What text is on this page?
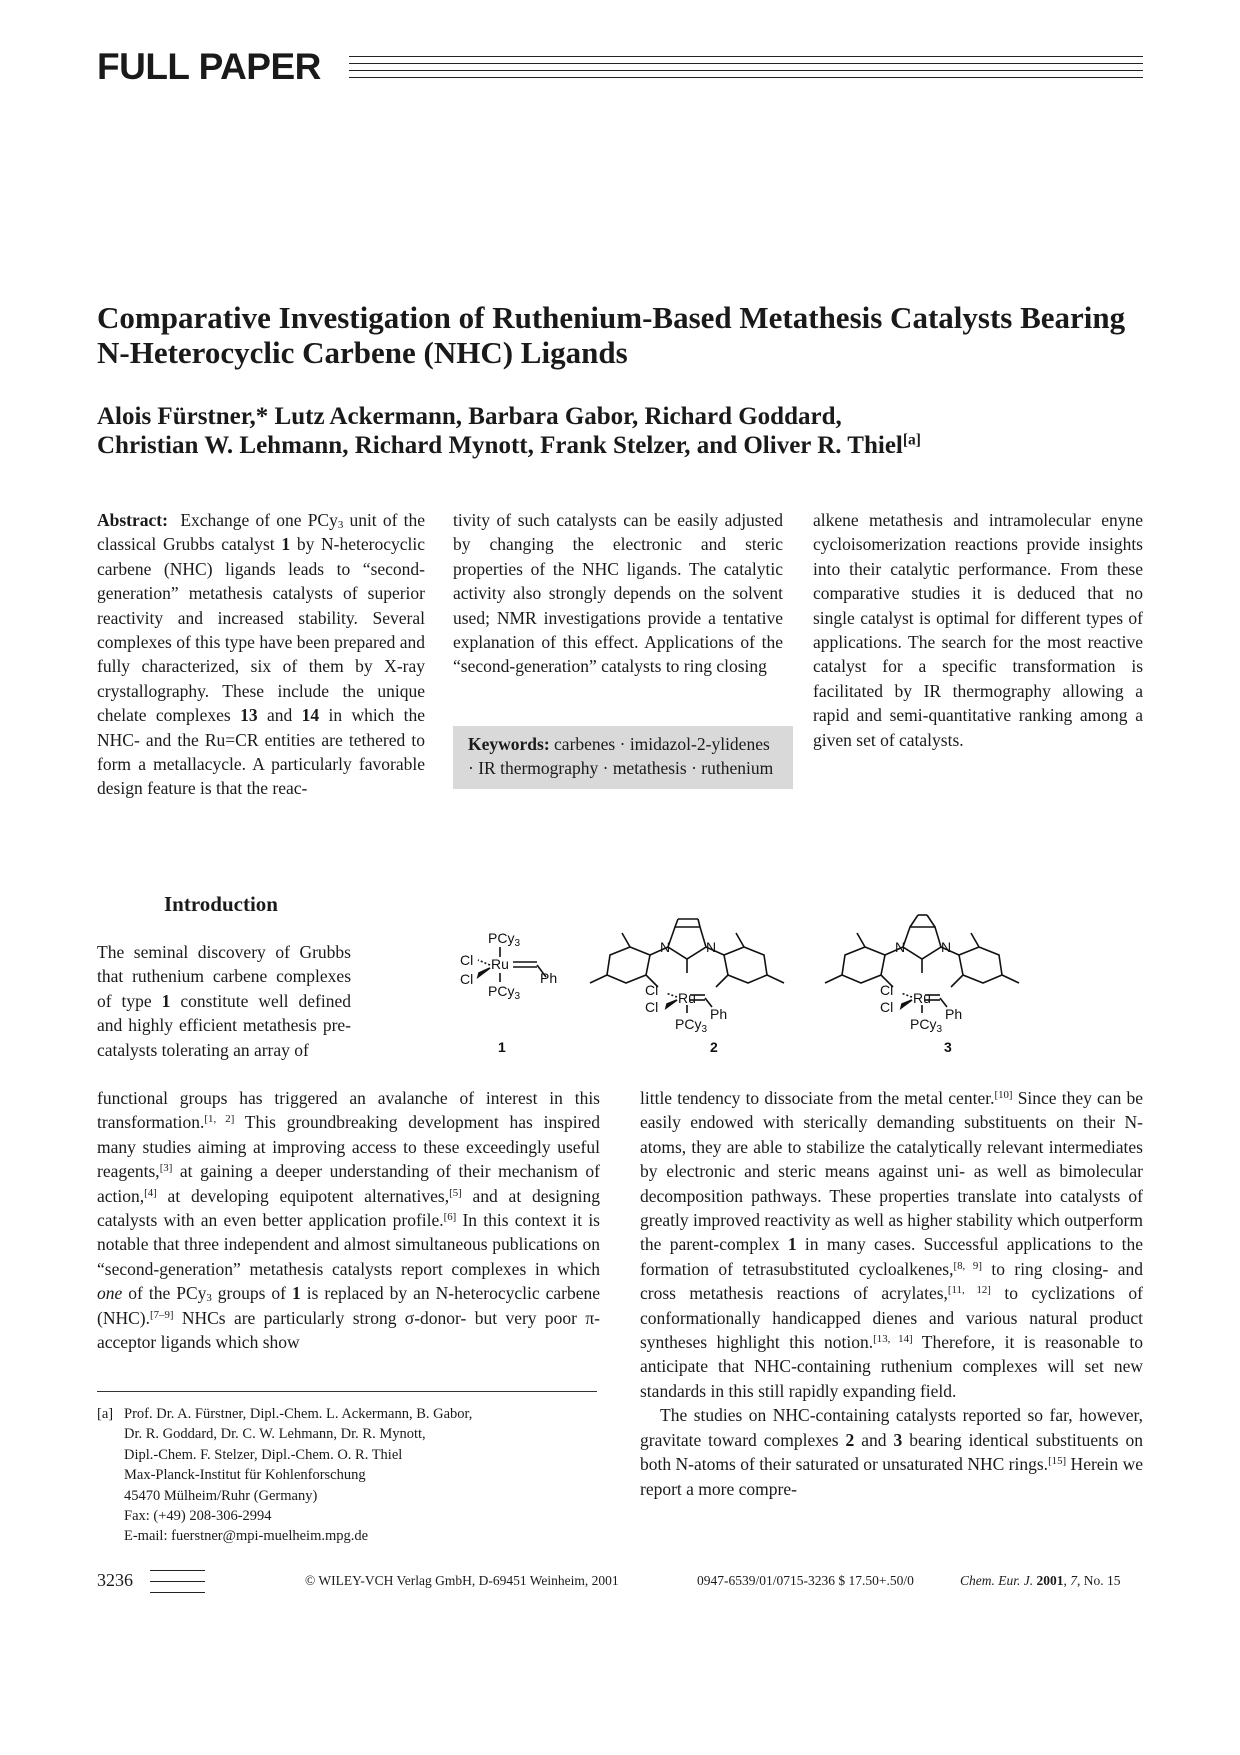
FULL PAPER
Comparative Investigation of Ruthenium-Based Metathesis Catalysts Bearing
N-Heterocyclic Carbene (NHC) Ligands
Alois Fürstner,* Lutz Ackermann, Barbara Gabor, Richard Goddard,
Christian W. Lehmann, Richard Mynott, Frank Stelzer, and Oliver R. Thiel[a]
Abstract: Exchange of one PCy$_3$ unit of the classical Grubbs catalyst 1 by N-heterocyclic carbene (NHC) ligands leads to “second-generation” metathesis catalysts of superior reactivity and increased stability. Several complexes of this type have been prepared and fully characterized, six of them by X-ray crystallography. These include the unique chelate complexes 13 and 14 in which the NHC- and the Ru=CR entities are tethered to form a metallacycle. A particularly favorable design feature is that the reac-
tivity of such catalysts can be easily adjusted by changing the electronic and steric properties of the NHC ligands. The catalytic activity also strongly depends on the solvent used; NMR investigations provide a tentative explanation of this effect. Applications of the “second-generation” catalysts to ring closing
Keywords: carbenes · imidazol-2-ylidenes · IR thermography · metathesis · ruthenium
alkene metathesis and intramolecular enyne cycloisomerization reactions provide insights into their catalytic performance. From these comparative studies it is deduced that no single catalyst is optimal for different types of applications. The search for the most reactive catalyst for a specific transformation is facilitated by IR thermography allowing a rapid and semi-quantitative ranking among a given set of catalysts.
Introduction
The seminal discovery of Grubbs that ruthenium carbene complexes of type 1 constitute well defined and highly efficient metathesis pre-catalysts tolerating an array of
functional groups has triggered an avalanche of interest in this transformation.[1, 2] This groundbreaking development has inspired many studies aiming at improving access to these exceedingly useful reagents,[3] at gaining a deeper understanding of their mechanism of action,[4] at developing equipotent alternatives,[5] and at designing catalysts with an even better application profile.[6] In this context it is notable that three independent and almost simultaneous publications on “second-generation” metathesis catalysts report complexes in which one of the PCy$_3$ groups of 1 is replaced by an N-heterocyclic carbene (NHC).[7–9] NHCs are particularly strong σ-donor- but very poor π-acceptor ligands which show

little tendency to dissociate from the metal center.[10] Since they can be easily endowed with sterically demanding substituents on their N-atoms, they are able to stabilize the catalytically relevant intermediates by electronic and steric means against uni- as well as bimolecular decomposition pathways. These properties translate into catalysts of greatly improved reactivity as well as higher stability which outperform the parent-complex 1 in many cases. Successful applications to the formation of tetrasubstituted cycloalkenes,[8, 9] to ring closing- and cross metathesis reactions of acrylates,[11, 12] to cyclizations of conformationally handicapped dienes and various natural product syntheses highlight this notion.[13, 14] Therefore, it is reasonable to anticipate that NHC-containing ruthenium complexes will set new standards in this still rapidly expanding field.

The studies on NHC-containing catalysts reported so far, however, gravitate toward complexes 2 and 3 bearing identical substituents on both N-atoms of their saturated or unsaturated NHC rings.[15] Herein we report a more compre-

PCy$_3$
Cl Ru
Cl	Ph
PCy$_3$
N	N
Cl Ru
Cl	Ph
PCy$_3$
N	N
Cl Ru
Cl	Ph
PCy$_3$
1	2	3
[a] Prof. Dr. A. Fürstner, Dipl.-Chem. L. Ackermann, B. Gabor,
Dr. R. Goddard, Dr. C. W. Lehmann, Dr. R. Mynott,
Dipl.-Chem. F. Stelzer, Dipl.-Chem. O. R. Thiel
Max-Planck-Institut für Kohlenforschung
45470 Mülheim/Ruhr (Germany)
Fax: (+49) 208-306-2994
E-mail: fuerstner@mpi-muelheim.mpg.de
3236	© WILEY-VCH Verlag GmbH, D-69451 Weinheim, 2001	0947-6539/01/0715-3236 $ 17.50+.50/0	Chem. Eur. J. 2001, 7, No. 15
